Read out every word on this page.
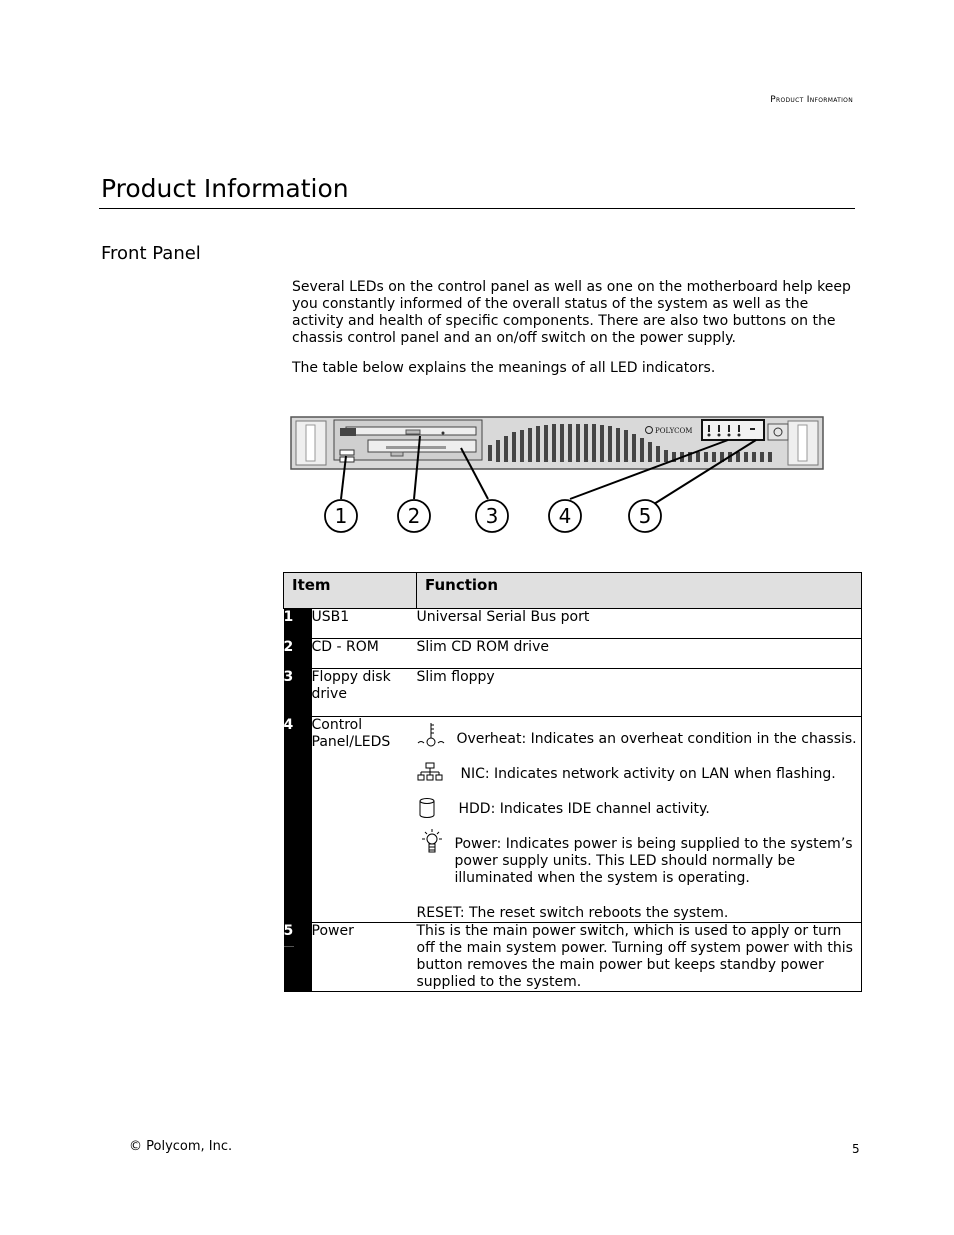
Product Information
Product Information
Front Panel
Several LEDs on the control panel as well as one on the motherboard help keep you constantly informed of the overall status of the system as well as the activity and health of specific components. There are also two buttons on the chassis control panel and an on/off switch on the power supply.
The table below explains the meanings of all LED indicators.
POLYCOM
1	2	3	4	5
Item		Function
1	USB1	Universal Serial Bus port
2	CD - ROM	Slim CD ROM drive
3	Floppy disk drive	Slim floppy
4	Control Panel/LEDS	Overheat: Indicates an overheat condition in the chassis.
NIC: Indicates network activity on LAN when flashing.
HDD: Indicates IDE channel activity.
Power: Indicates power is being supplied to the system’s power supply units. This LED should normally be illuminated when the system is operating.
RESET: The reset switch reboots the system.

5	Power	This is the main power switch, which is used to apply or turn off the main system power. Turning off system power with this button removes the main power but keeps standby power supplied to the system.
© Polycom, Inc.	5
